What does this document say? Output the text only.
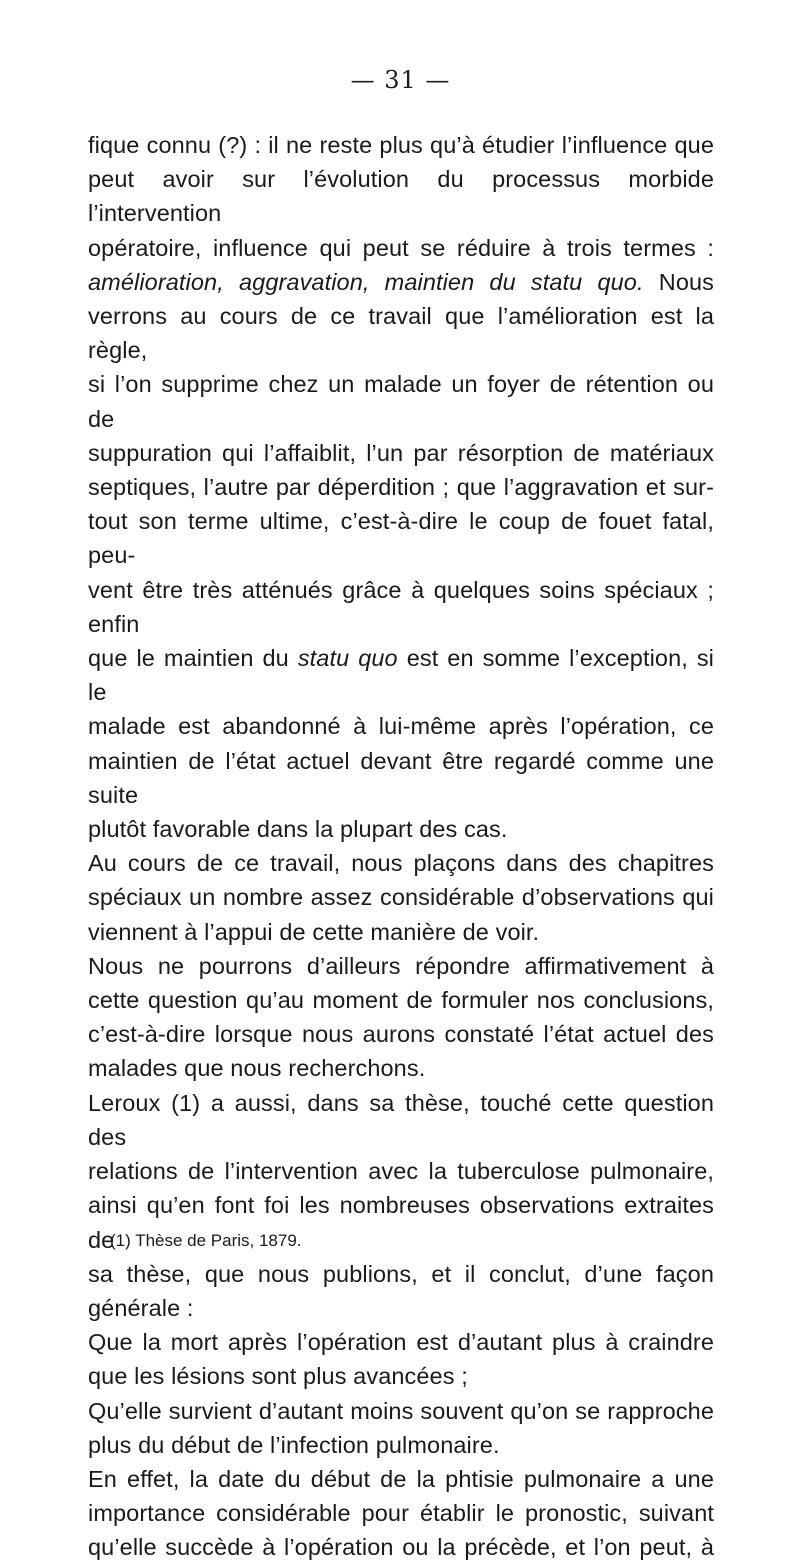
— 31 —

fique connu (?) : il ne reste plus qu’à étudier l’influence que

peut avoir sur l’évolution du processus morbide l’intervention

opératoire, influence qui peut se réduire à trois termes :

amélioration, aggravation, maintien du statu quo. Nous

verrons au cours de ce travail que l’amélioration est la règle,

si l’on supprime chez un malade un foyer de rétention ou de

suppuration qui l’affaiblit, l’un par résorption de matériaux

septiques, l’autre par déperdition ; que l’aggravation et sur-

tout son terme ultime, c’est-à-dire le coup de fouet fatal, peu-

vent être très atténués grâce à quelques soins spéciaux ; enfin

que le maintien du statu quo est en somme l’exception, si le

malade est abandonné à lui-même après l’opération, ce

maintien de l’état actuel devant être regardé comme une suite

plutôt favorable dans la plupart des cas.

Au cours de ce travail, nous plaçons dans des chapitres

spéciaux un nombre assez considérable d’observations qui

viennent à l’appui de cette manière de voir.

Nous ne pourrons d’ailleurs répondre affirmativement à

cette question qu’au moment de formuler nos conclusions,

c’est-à-dire lorsque nous aurons constaté l’état actuel des

malades que nous recherchons.

Leroux (1) a aussi, dans sa thèse, touché cette question des

relations de l’intervention avec la tuberculose pulmonaire,

ainsi qu’en font foi les nombreuses observations extraites de

sa thèse, que nous publions, et il conclut, d’une façon

générale :

Que la mort après l’opération est d’autant plus à craindre

que les lésions sont plus avancées ;

Qu’elle survient d’autant moins souvent qu’on se rapproche

plus du début de l’infection pulmonaire.

En effet, la date du début de la phtisie pulmonaire a une

importance considérable pour établir le pronostic, suivant

qu’elle succède à l’opération ou la précède, et l’on peut, à

(1) Thèse de Paris, 1879.
